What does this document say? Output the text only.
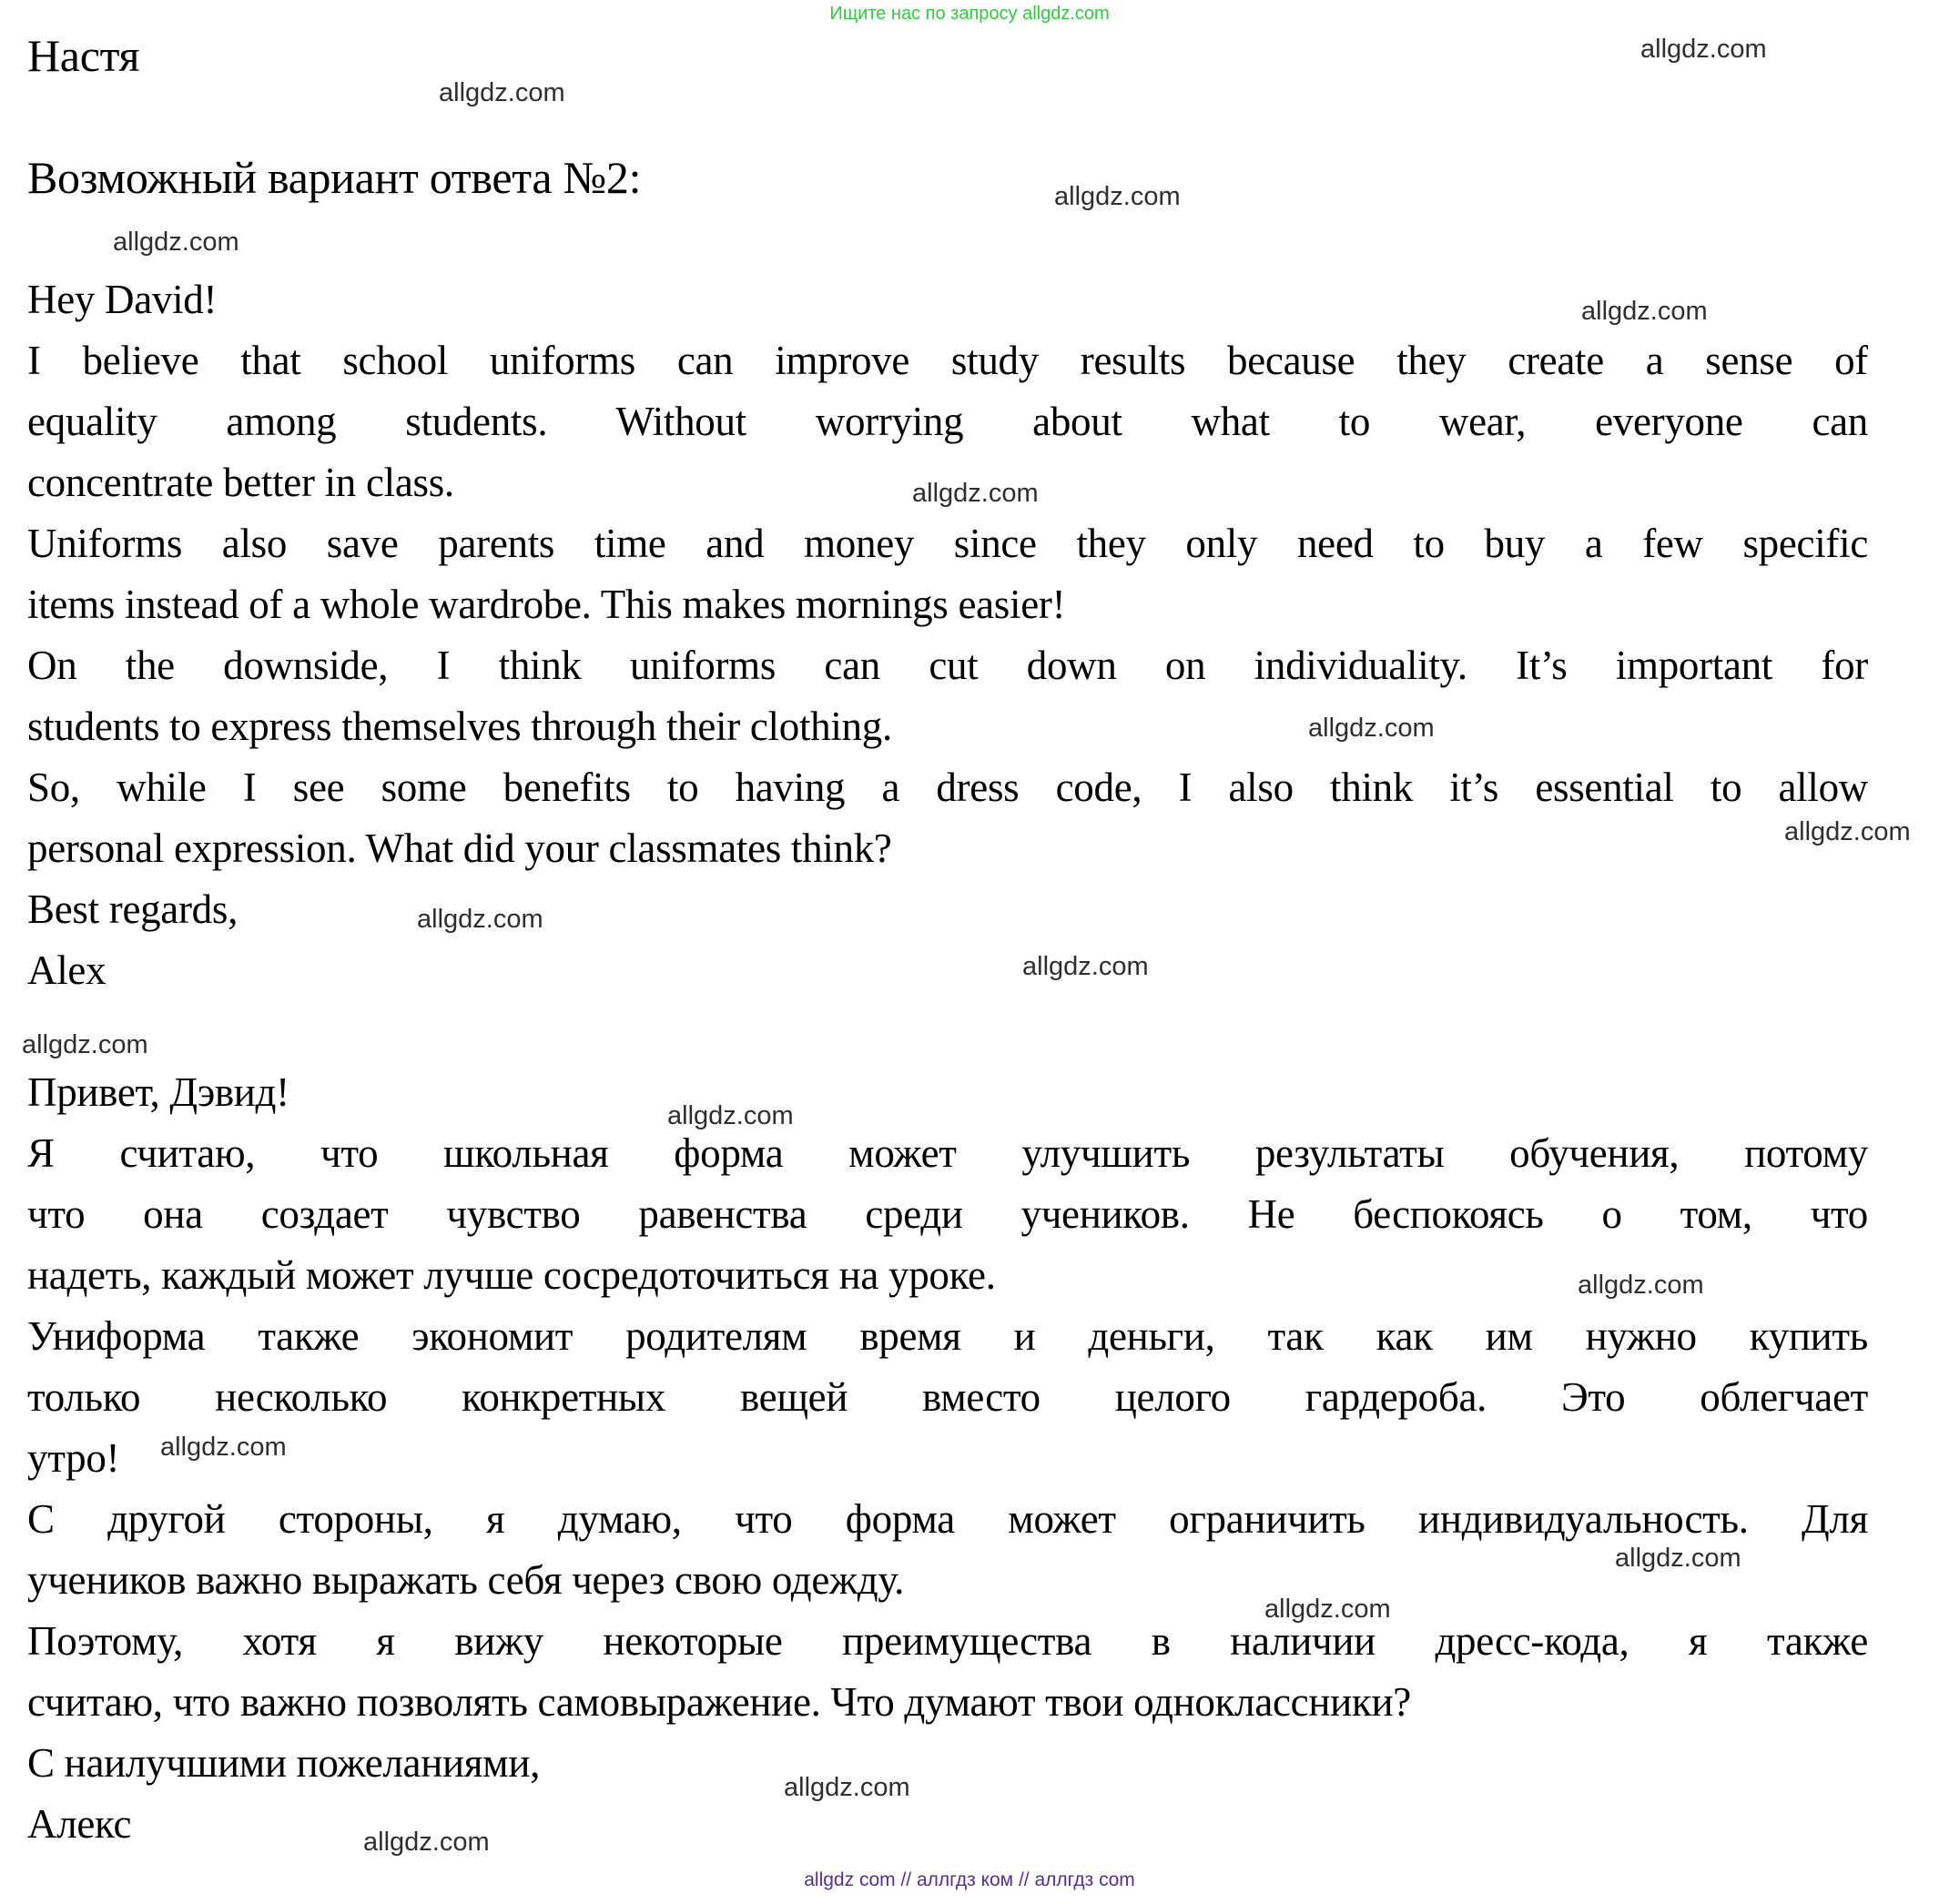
Ищите нас по запросу allgdz.com
Настя
Возможный вариант ответа №2:
Hey David!
I believe that school uniforms can improve study results because they create a sense of
equality among students. Without worrying about what to wear, everyone can
concentrate better in class.
Uniforms also save parents time and money since they only need to buy a few specific
items instead of a whole wardrobe. This makes mornings easier!
On the downside, I think uniforms can cut down on individuality. It’s important for
students to express themselves through their clothing.
So, while I see some benefits to having a dress code, I also think it’s essential to allow
personal expression. What did your classmates think?
Best regards,
Alex
Привет, Дэвид!
Я считаю, что школьная форма может улучшить результаты обучения, потому
что она создает чувство равенства среди учеников. Не беспокоясь о том, что
надеть, каждый может лучше сосредоточиться на уроке.
Униформа также экономит родителям время и деньги, так как им нужно купить
только несколько конкретных вещей вместо целого гардероба. Это облегчает
утро!
С другой стороны, я думаю, что форма может ограничить индивидуальность. Для
учеников важно выражать себя через свою одежду.
Поэтому, хотя я вижу некоторые преимущества в наличии дресс-кода, я также
считаю, что важно позволять самовыражение. Что думают твои одноклассники?
С наилучшими пожеланиями,
Алекс
allgdz.com
allgdz.com
allgdz.com
allgdz.com
allgdz.com
allgdz.com
allgdz.com
allgdz.com
allgdz.com
allgdz.com
allgdz.com
allgdz.com
allgdz.com
allgdz.com
allgdz.com
allgdz.com
allgdz.com
allgdz.com
allgdz com // аллгдз ком // аллгдз com
